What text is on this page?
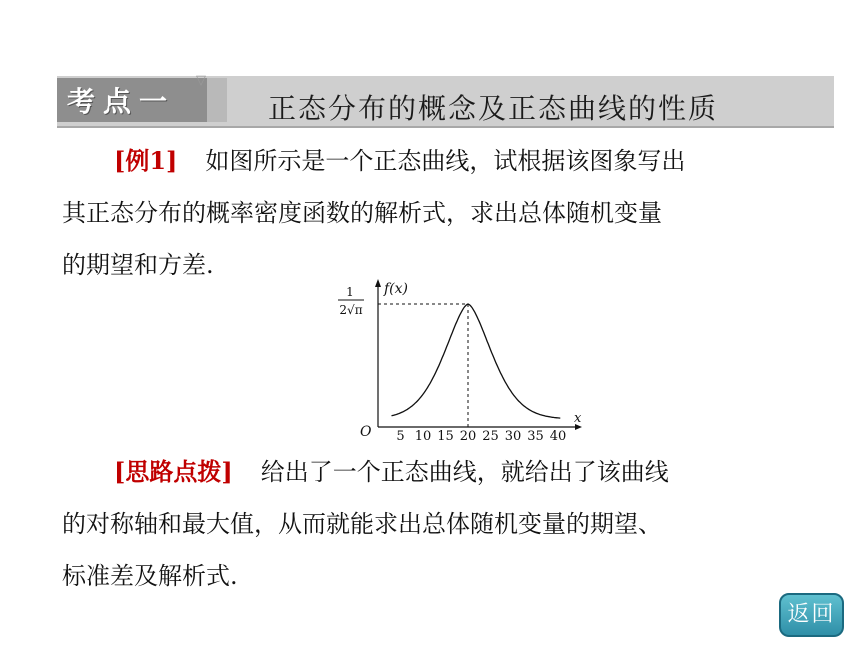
考点一
▽
正态分布的概念及正态曲线的性质
[例1] 如图所示是一个正态曲线，试根据该图象写出
其正态分布的概率密度函数的解析式，求出总体随机变量
的期望和方差.
f(x)
1
2√π
O
x
5 10 15 20 25 30 35 40
[思路点拨] 给出了一个正态曲线，就给出了该曲线
的对称轴和最大值，从而就能求出总体随机变量的期望、
标准差及解析式.
返回
